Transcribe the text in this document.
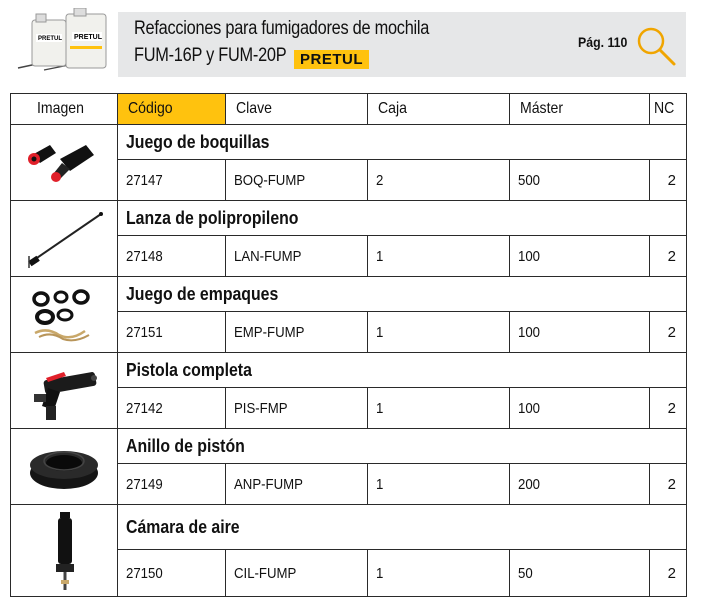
PRETUL PRETUL Refacciones para fumigadores de mochila
FUM-16P y FUM-20P PRETUL
Pág. 110
Imagen	Código	Clave	Caja	Máster	NC

	Juego de boquillas				
	27147	BOQ-FUMP	2	500	2

	Lanza de polipropileno				
	27148	LAN-FUMP	1	100	2

	Juego de empaques				
	27151	EMP-FUMP	1	100	2

	Pistola completa				
	27142	PIS-FMP	1	100	2

	Anillo de pistón				
	27149	ANP-FUMP	1	200	2

	Cámara de aire				
	27150	CIL-FUMP	1	50	2
